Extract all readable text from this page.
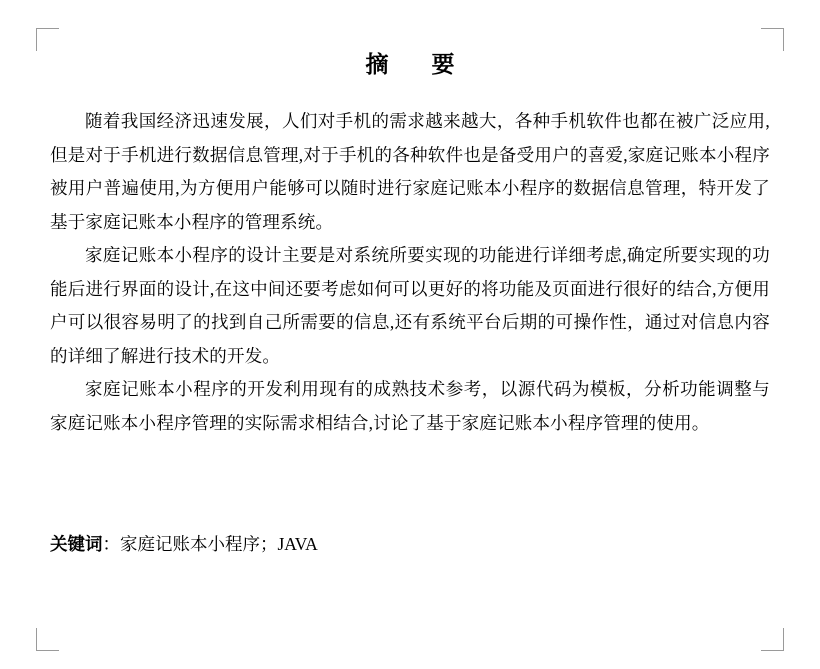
摘　要

随着我国经济迅速发展，人们对手机的需求越来越大，各种手机软件也都在被广泛应用,但是对于手机进行数据信息管理,对于手机的各种软件也是备受用户的喜爱,家庭记账本小程序被用户普遍使用,为方便用户能够可以随时进行家庭记账本小程序的数据信息管理，特开发了基于家庭记账本小程序的管理系统。

家庭记账本小程序的设计主要是对系统所要实现的功能进行详细考虑,确定所要实现的功能后进行界面的设计,在这中间还要考虑如何可以更好的将功能及页面进行很好的结合,方便用户可以很容易明了的找到自己所需要的信息,还有系统平台后期的可操作性，通过对信息内容的详细了解进行技术的开发。

家庭记账本小程序的开发利用现有的成熟技术参考，以源代码为模板，分析功能调整与家庭记账本小程序管理的实际需求相结合,讨论了基于家庭记账本小程序管理的使用。

关键词：家庭记账本小程序；JAVA
